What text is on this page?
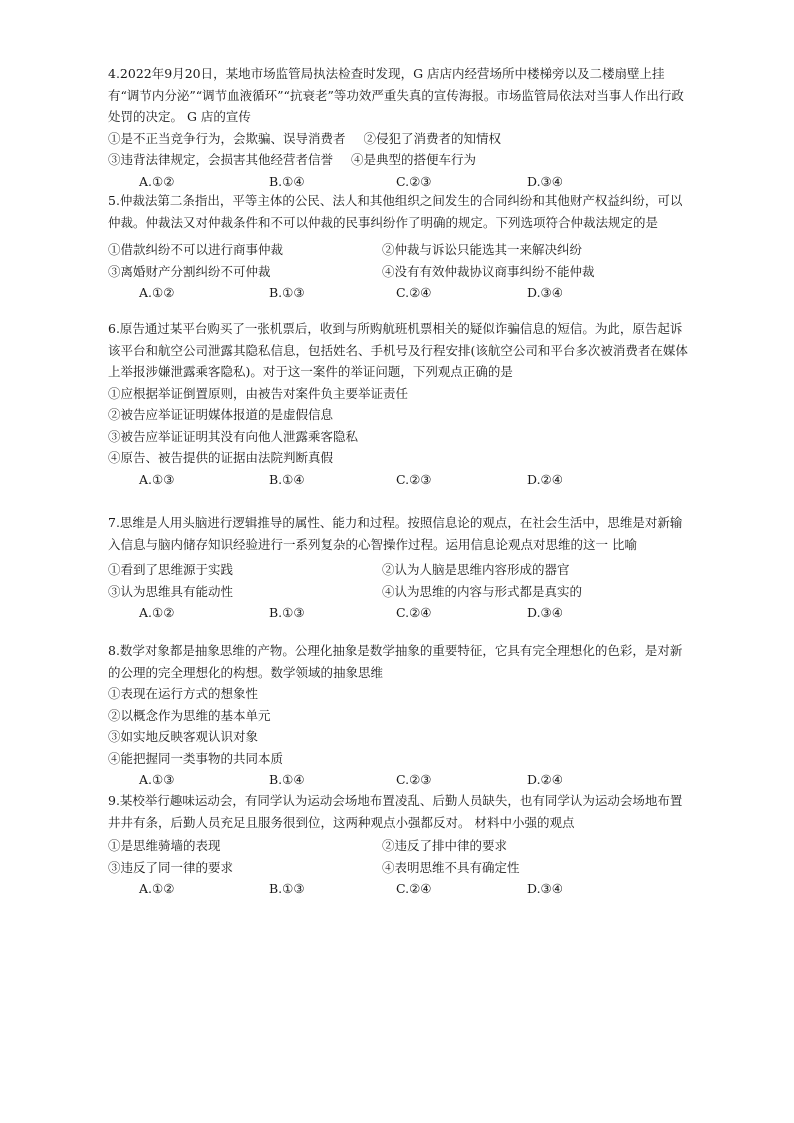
4.2022年9月20日，某地市场监管局执法检查时发现，G 店店内经营场所中楼梯旁以及二楼扇壁上挂有“调节内分泌”“调节血液循环”“抗衰老”等功效严重失真的宣传海报。市场监管局依法对当事人作出行政处罚的决定。 G 店的宣传
①是不正当竞争行为，会欺骗、误导消费者 ②侵犯了消费者的知情权
③违背法律规定，会损害其他经营者信誉 ④是典型的搭便车行为
A.①②	B.①④	C.②③	D.③④
5.仲裁法第二条指出，平等主体的公民、法人和其他组织之间发生的合同纠纷和其他财产权益纠纷，可以仲裁。仲裁法又对仲裁条件和不可以仲裁的民事纠纷作了明确的规定。下列选项符合仲裁法规定的是
①借款纠纷不可以进行商事仲裁	②仲裁与诉讼只能选其一来解决纠纷
③离婚财产分割纠纷不可仲裁	④没有有效仲裁协议商事纠纷不能仲裁
A.①②	B.①③	C.②④	D.③④
6.原告通过某平台购买了一张机票后，收到与所购航班机票相关的疑似诈骗信息的短信。为此，原告起诉该平台和航空公司泄露其隐私信息，包括姓名、手机号及行程安排(该航空公司和平台多次被消费者在媒体上举报涉嫌泄露乘客隐私)。对于这一案件的举证问题，下列观点正确的是
①应根据举证倒置原则，由被告对案件负主要举证责任
②被告应举证证明媒体报道的是虚假信息
③被告应举证证明其没有向他人泄露乘客隐私
④原告、被告提供的证据由法院判断真假
A.①③	B.①④	C.②③	D.②④
7.思维是人用头脑进行逻辑推导的属性、能力和过程。按照信息论的观点，在社会生活中，思维是对新输入信息与脑内储存知识经验进行一系列复杂的心智操作过程。运用信息论观点对思维的这一 比喻
①看到了思维源于实践	②认为人脑是思维内容形成的器官
③认为思维具有能动性	④认为思维的内容与形式都是真实的
A.①②	B.①③	C.②④	D.③④
8.数学对象都是抽象思维的产物。公理化抽象是数学抽象的重要特征，它具有完全理想化的色彩，是对新的公理的完全理想化的构想。数学领域的抽象思维
①表现在运行方式的想象性
②以概念作为思维的基本单元
③如实地反映客观认识对象
④能把握同一类事物的共同本质
A.①③	B.①④	C.②③	D.②④
9.某校举行趣味运动会，有同学认为运动会场地布置凌乱、后勤人员缺失，也有同学认为运动会场地布置井井有条，后勤人员充足且服务很到位，这两种观点小强都反对。 材料中小强的观点
①是思维骑墙的表现	②违反了排中律的要求
③违反了同一律的要求	④表明思维不具有确定性
A.①②	B.①③	C.②④	D.③④
